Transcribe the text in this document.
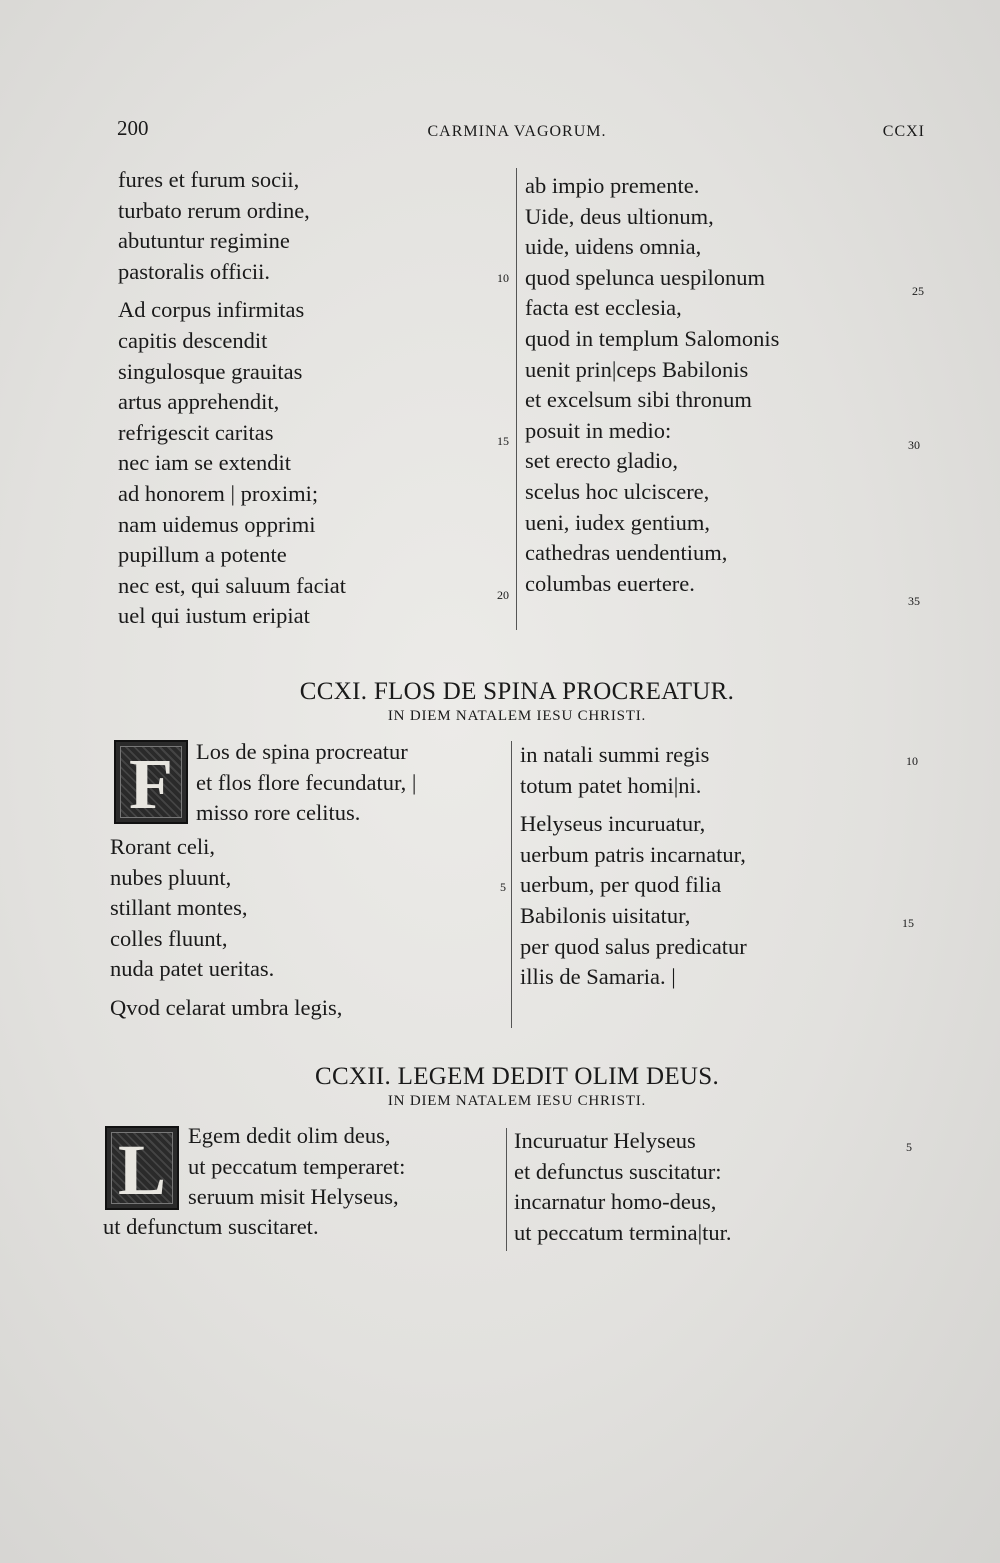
200	CARMINA VAGORUM.	CCXI
fures et furum socii,
turbato rerum ordine,
abutuntur regimine
pastoralis officii.
Ad corpus infirmitas
capitis descendit
singulosque grauitas
artus apprehendit,
refrigescit caritas
nec iam se extendit
ad honorem | proximi;
nam uidemus opprimi
pupillum a potente
nec est, qui saluum faciat
uel qui iustum eripiat
10
15
20
ab impio premente.
Uide, deus ultionum,
uide, uidens omnia,
quod spelunca uespilonum
facta est ecclesia,
quod in templum Salomonis
uenit prin|ceps Babilonis
et excelsum sibi thronum
posuit in medio:
set erecto gladio,
scelus hoc ulciscere,
ueni, iudex gentium,
cathedras uendentium,
columbas euertere.
25
30
35
CCXI. FLOS DE SPINA PROCREATUR.
IN DIEM NATALEM IESU CHRISTI.
F	Los de spina procreatur
et flos flore fecundatur, |
misso rore celitus.
Rorant celi,
nubes pluunt,
stillant montes,
colles fluunt,
nuda patet ueritas.
Qvod celarat umbra legis,
5
in natali summi regis
totum patet homi|ni.
Helyseus incuruatur,
uerbum patris incarnatur,
uerbum, per quod filia
Babilonis uisitatur,
per quod salus predicatur
illis de Samaria. |
10
15
CCXII. LEGEM DEDIT OLIM DEUS.
IN DIEM NATALEM IESU CHRISTI.
L Egem dedit olim deus,
ut peccatum temperaret:
seruum misit Helyseus,
ut defunctum suscitaret.
Incuruatur Helyseus
et defunctus suscitatur:
incarnatur homo-deus,
ut peccatum termina|tur.
5
